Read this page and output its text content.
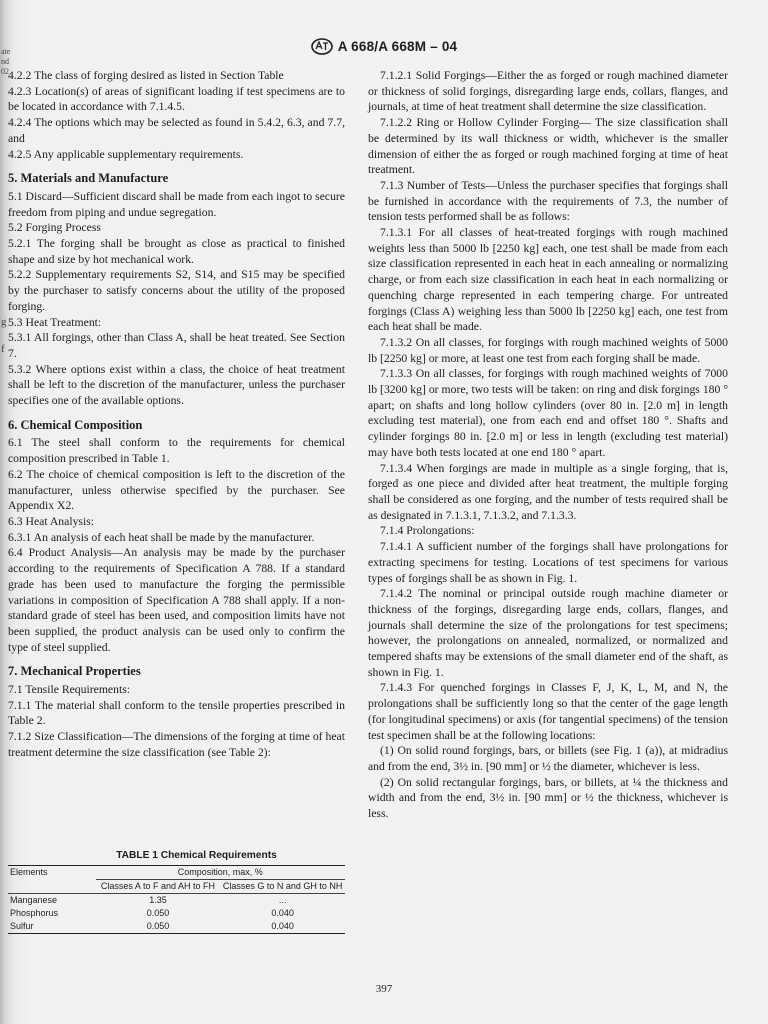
ate
nd
02
g
f
A 668/A 668M – 04

4.2.2 The class of forging desired as listed in Section Table

4.2.3 Location(s) of areas of significant loading if test specimens are to be located in accordance with 7.1.4.5.

4.2.4 The options which may be selected as found in 5.4.2, 6.3, and 7.7, and

4.2.5 Any applicable supplementary requirements.

5. Materials and Manufacture

5.1 Discard—Sufficient discard shall be made from each ingot to secure freedom from piping and undue segregation.

5.2 Forging Process

5.2.1 The forging shall be brought as close as practical to finished shape and size by hot mechanical work.

5.2.2 Supplementary requirements S2, S14, and S15 may be specified by the purchaser to satisfy concerns about the utility of the proposed forging.

5.3 Heat Treatment:

5.3.1 All forgings, other than Class A, shall be heat treated. See Section 7.

5.3.2 Where options exist within a class, the choice of heat treatment shall be left to the discretion of the manufacturer, unless the purchaser specifies one of the available options.

6. Chemical Composition

6.1 The steel shall conform to the requirements for chemical composition prescribed in Table 1.

6.2 The choice of chemical composition is left to the discretion of the manufacturer, unless otherwise specified by the purchaser. See Appendix X2.

6.3 Heat Analysis:

6.3.1 An analysis of each heat shall be made by the manufacturer.

6.4 Product Analysis—An analysis may be made by the purchaser according to the requirements of Specification A 788. If a standard grade has been used to manufacture the forging the permissible variations in composition of Specification A 788 shall apply. If a non-standard grade of steel has been used, and composition limits have not been supplied, the product analysis can be used only to confirm the type of steel supplied.

7. Mechanical Properties

7.1 Tensile Requirements:

7.1.1 The material shall conform to the tensile properties prescribed in Table 2.

7.1.2 Size Classification—The dimensions of the forging at time of heat treatment determine the size classification (see Table 2):

TABLE 1 Chemical Requirements
Elements	Composition, max, %	
	Classes A to F and AH to FH	Classes G to N and GH to NH
Manganese	1.35	...
Phosphorus	0.050	0.040
Sulfur	0.050	0.040

7.1.2.1 Solid Forgings—Either the as forged or rough machined diameter or thickness of solid forgings, disregarding large ends, collars, flanges, and journals, at time of heat treatment shall determine the size classification.

7.1.2.2 Ring or Hollow Cylinder Forging— The size classification shall be determined by its wall thickness or width, whichever is the smaller dimension of either the as forged or rough machined forging at time of heat treatment.

7.1.3 Number of Tests—Unless the purchaser specifies that forgings shall be furnished in accordance with the requirements of 7.3, the number of tension tests performed shall be as follows:

7.1.3.1 For all classes of heat-treated forgings with rough machined weights less than 5000 lb [2250 kg] each, one test shall be made from each size classification represented in each heat in each annealing or normalizing charge, or from each size classification in each heat in each normalizing or quenching charge represented in each tempering charge. For untreated forgings (Class A) weighing less than 5000 lb [2250 kg] each, one test from each heat shall be made.

7.1.3.2 On all classes, for forgings with rough machined weights of 5000 lb [2250 kg] or more, at least one test from each forging shall be made.

7.1.3.3 On all classes, for forgings with rough machined weights of 7000 lb [3200 kg] or more, two tests will be taken: on ring and disk forgings 180 ° apart; on shafts and long hollow cylinders (over 80 in. [2.0 m] in length excluding test material), one from each end and offset 180 °. Shafts and cylinder forgings 80 in. [2.0 m] or less in length (excluding test material) may have both tests located at one end 180 ° apart.

7.1.3.4 When forgings are made in multiple as a single forging, that is, forged as one piece and divided after heat treatment, the multiple forging shall be considered as one forging, and the number of tests required shall be as designated in 7.1.3.1, 7.1.3.2, and 7.1.3.3.

7.1.4 Prolongations:

7.1.4.1 A sufficient number of the forgings shall have prolongations for extracting specimens for testing. Locations of test specimens for various types of forgings shall be as shown in Fig. 1.

7.1.4.2 The nominal or principal outside rough machine diameter or thickness of the forgings, disregarding large ends, collars, flanges, and journals shall determine the size of the prolongations for test specimens; however, the prolongations on annealed, normalized, or normalized and tempered shafts may be extensions of the small diameter end of the shaft, as shown in Fig. 1.

7.1.4.3 For quenched forgings in Classes F, J, K, L, M, and N, the prolongations shall be sufficiently long so that the center of the gage length (for longitudinal specimens) or axis (for tangential specimens) of the tension test specimen shall be at the following locations:

(1) On solid round forgings, bars, or billets (see Fig. 1 (a)), at midradius and from the end, 3½ in. [90 mm] or ½ the diameter, whichever is less.

(2) On solid rectangular forgings, bars, or billets, at ¼ the thickness and width and from the end, 3½ in. [90 mm] or ½ the thickness, whichever is less.

397
